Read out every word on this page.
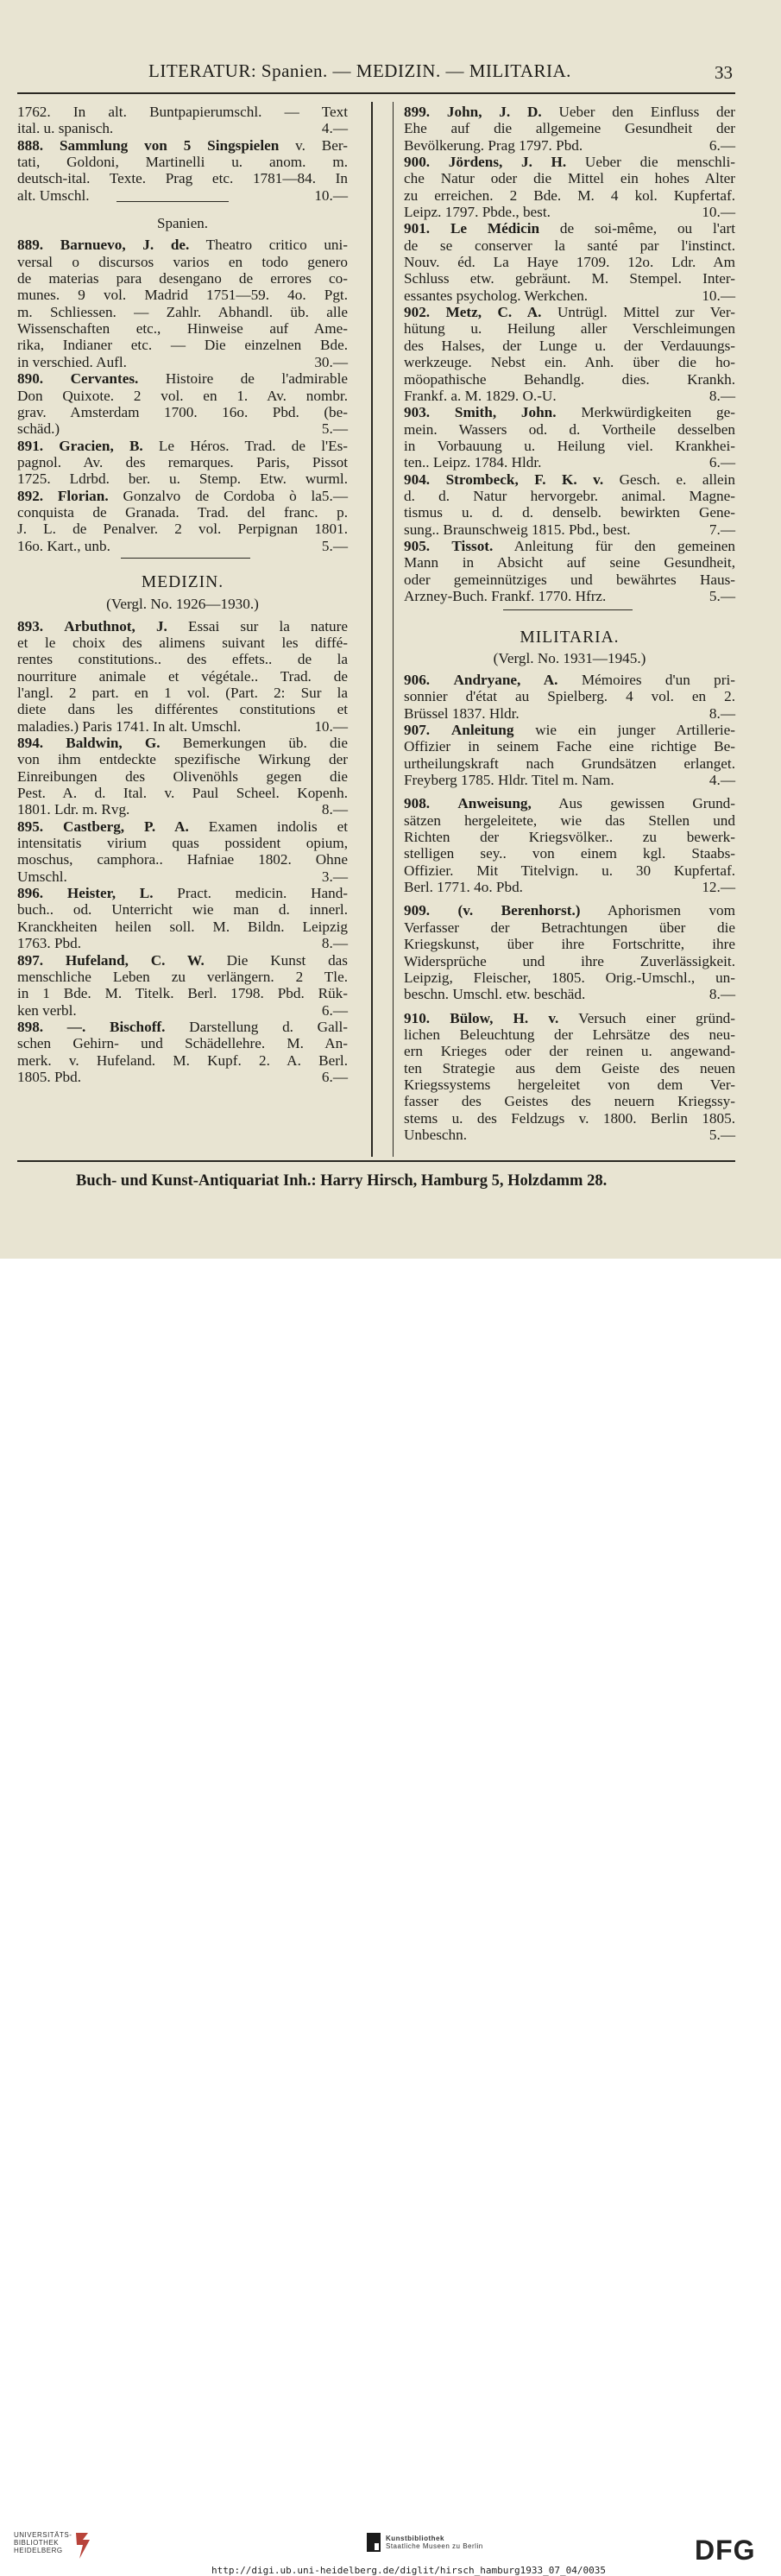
LITERATUR: Spanien. — MEDIZIN. — MILITARIA.	33
1762. In alt. Buntpapierumschl. — Text
ital. u. spanisch.	4.—
888. Sammlung von 5 Singspielen v. Ber-
tati, Goldoni, Martinelli u. anom. m.
deutsch-ital. Texte. Prag etc. 1781—84. In
alt. Umschl.	10.—
Spanien.
889. Barnuevo, J. de. Theatro critico uni-
versal o discursos varios en todo genero
de materias para desengano de errores co-
munes. 9 vol. Madrid 1751—59. 4o. Pgt.
m. Schliessen. — Zahlr. Abhandl. üb. alle
Wissenschaften etc., Hinweise auf Ame-
rika, Indianer etc. — Die einzelnen Bde.
in verschied. Aufl.	30.—
890. Cervantes. Histoire de l'admirable
Don Quixote. 2 vol. en 1. Av. nombr.
grav. Amsterdam 1700. 16o. Pbd. (be-
schäd.)	5.—
891. Gracien, B. Le Héros. Trad. de l'Es-
pagnol. Av. des remarques. Paris, Pissot
1725. Ldrbd. ber. u. Stemp. Etw. wurml.
5.—
892. Florian. Gonzalvo de Cordoba ò la
conquista de Granada. Trad. del franc. p.
J. L. de Penalver. 2 vol. Perpignan 1801.
16o. Kart., unb.	5.—
MEDIZIN.
(Vergl. No. 1926—1930.)
893. Arbuthnot, J. Essai sur la nature
et le choix des alimens suivant les diffé-
rentes constitutions.. des effets.. de la
nourriture animale et végétale.. Trad. de
l'angl. 2 part. en 1 vol. (Part. 2: Sur la
diete dans les différentes constitutions et
maladies.) Paris 1741. In alt. Umschl.	10.—
894. Baldwin, G. Bemerkungen üb. die
von ihm entdeckte spezifische Wirkung der
Einreibungen des Olivenöhls gegen die
Pest. A. d. Ital. v. Paul Scheel. Kopenh.
1801. Ldr. m. Rvg.	8.—
895. Castberg, P. A. Examen indolis et
intensitatis virium quas possident opium,
moschus, camphora.. Hafniae 1802. Ohne
Umschl.	3.—
896. Heister, L. Pract. medicin. Hand-
buch.. od. Unterricht wie man d. innerl.
Kranckheiten heilen soll. M. Bildn. Leipzig
1763. Pbd.	8.—
897. Hufeland, C. W. Die Kunst das
menschliche Leben zu verlängern. 2 Tle.
in 1 Bde. M. Titelk. Berl. 1798. Pbd. Rük-
ken verbl.	6.—
898. —. Bischoff. Darstellung d. Gall-
schen Gehirn- und Schädellehre. M. An-
merk. v. Hufeland. M. Kupf. 2. A. Berl.
1805. Pbd.	6.—
899. John, J. D. Ueber den Einfluss der
Ehe auf die allgemeine Gesundheit der
Bevölkerung. Prag 1797. Pbd.	6.—
900. Jördens, J. H. Ueber die menschli-
che Natur oder die Mittel ein hohes Alter
zu erreichen. 2 Bde. M. 4 kol. Kupfertaf.
Leipz. 1797. Pbde., best.	10.—
901. Le Médicin de soi-même, ou l'art
de se conserver la santé par l'instinct.
Nouv. éd. La Haye 1709. 12o. Ldr. Am
Schluss etw. gebräunt. M. Stempel. Inter-
essantes psycholog. Werkchen.	10.—
902. Metz, C. A. Untrügl. Mittel zur Ver-
hütung u. Heilung aller Verschleimungen
des Halses, der Lunge u. der Verdauungs-
werkzeuge. Nebst ein. Anh. über die ho-
möopathische Behandlg. dies. Krankh.
Frankf. a. M. 1829. O.-U.	8.—
903. Smith, John. Merkwürdigkeiten ge-
mein. Wassers od. d. Vortheile desselben
in Vorbauung u. Heilung viel. Krankhei-
ten.. Leipz. 1784. Hldr.	6.—
904. Strombeck, F. K. v. Gesch. e. allein
d. d. Natur hervorgebr. animal. Magne-
tismus u. d. d. denselb. bewirkten Gene-
sung.. Braunschweig 1815. Pbd., best.	7.—
905. Tissot. Anleitung für den gemeinen
Mann in Absicht auf seine Gesundheit,
oder gemeinnütziges und bewährtes Haus-
Arzney-Buch. Frankf. 1770. Hfrz.	5.—
MILITARIA.
(Vergl. No. 1931—1945.)
906. Andryane, A. Mémoires d'un pri-
sonnier d'état au Spielberg. 4 vol. en 2.
Brüssel 1837. Hldr.	8.—
907. Anleitung wie ein junger Artillerie-
Offizier in seinem Fache eine richtige Be-
urtheilungskraft nach Grundsätzen erlanget.
Freyberg 1785. Hldr. Titel m. Nam.	4.—
908. Anweisung, Aus gewissen Grund-
sätzen hergeleitete, wie das Stellen und
Richten der Kriegsvölker.. zu bewerk-
stelligen sey.. von einem kgl. Staabs-
Offizier. Mit Titelvign. u. 30 Kupfertaf.
Berl. 1771. 4o. Pbd.	12.—
909. (v. Berenhorst.) Aphorismen vom
Verfasser der Betrachtungen über die
Kriegskunst, über ihre Fortschritte, ihre
Widersprüche und ihre Zuverlässigkeit.
Leipzig, Fleischer, 1805. Orig.-Umschl., un-
beschn. Umschl. etw. beschäd.	8.—
910. Bülow, H. v. Versuch einer gründ-
lichen Beleuchtung der Lehrsätze des neu-
ern Krieges oder der reinen u. angewand-
ten Strategie aus dem Geiste des neuen
Kriegssystems hergeleitet von dem Ver-
fasser des Geistes des neuern Kriegssy-
stems u. des Feldzugs v. 1800. Berlin 1805.
Unbeschn.	5.—
Buch- und Kunst-Antiquariat Inh.: Harry Hirsch, Hamburg 5, Holzdamm 28.
UNIVERSITÄTS-
BIBLIOTHEK
HEIDELBERG
Kunstbibliothek
Staatliche Museen zu Berlin	DFG
http://digi.ub.uni-heidelberg.de/diglit/hirsch_hamburg1933_07_04/0035
